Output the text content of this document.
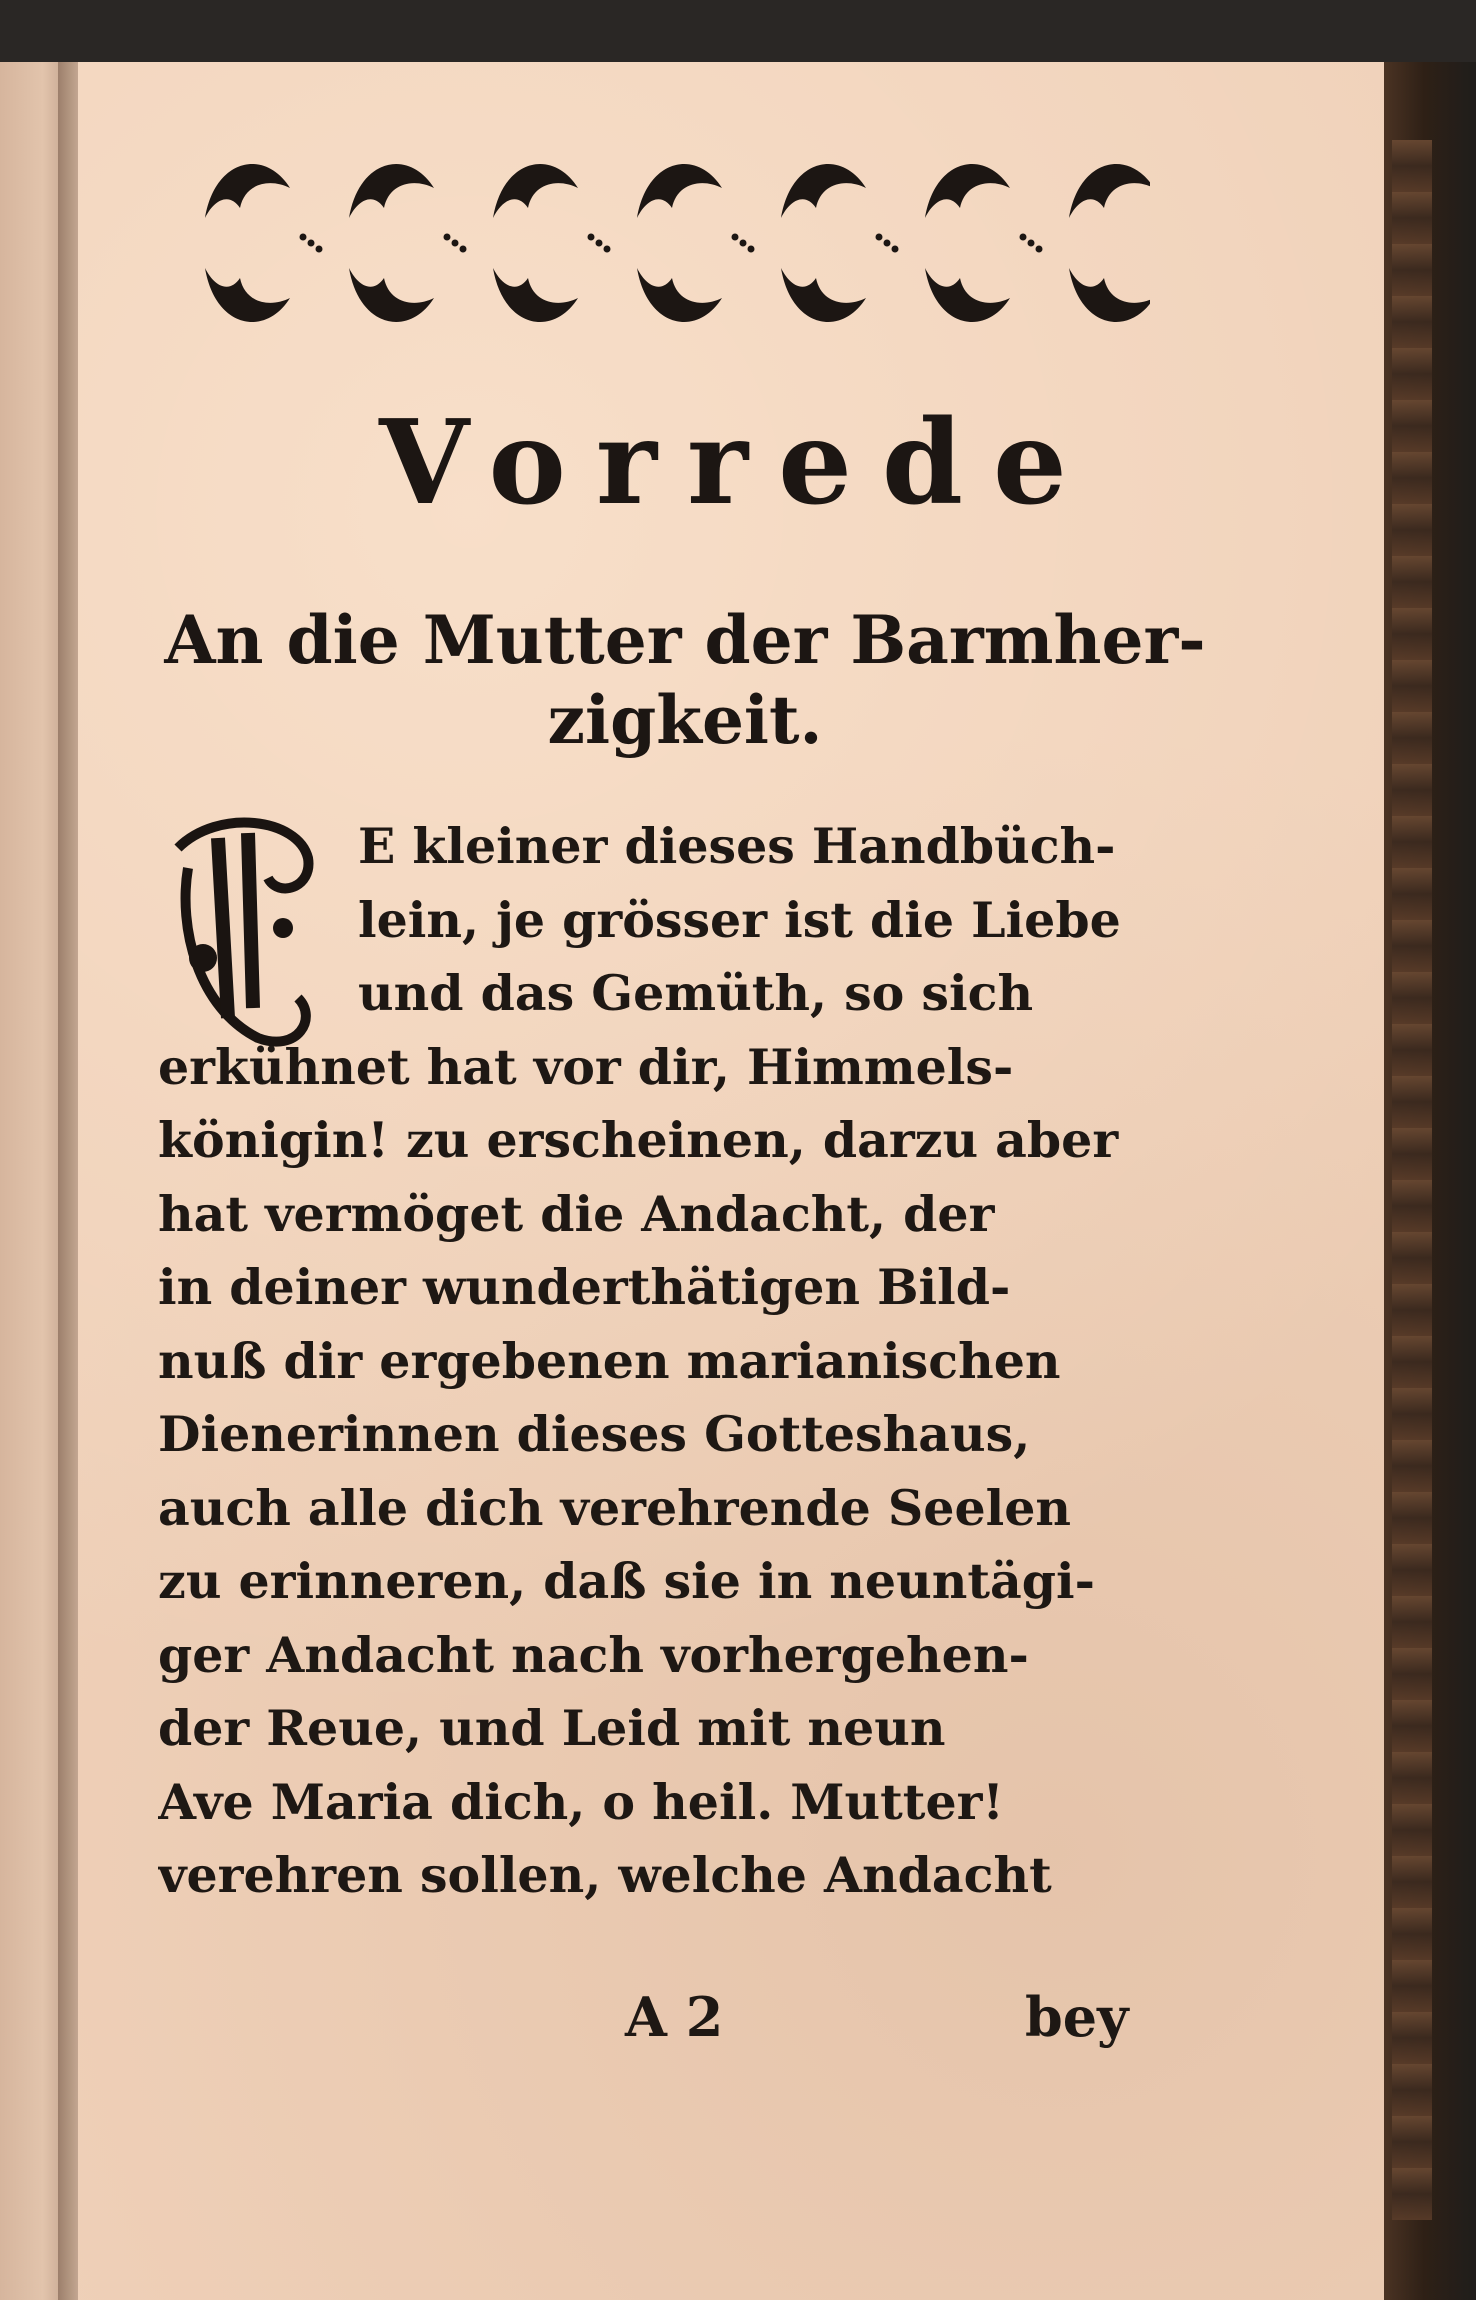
Vorrede
An die Mutter der Barmher-
zigkeit.
E kleiner dieses Handbüch-
lein, je grösser ist die Liebe
und das Gemüth, so sich
erkühnet hat vor dir, Himmels-
königin! zu erscheinen, darzu aber
hat vermöget die Andacht, der
in deiner wunderthätigen Bild-
nuß dir ergebenen marianischen
Dienerinnen dieses Gotteshaus,
auch alle dich verehrende Seelen
zu erinneren, daß sie in neuntägi-
ger Andacht nach vorhergehen-
der Reue, und Leid mit neun
Ave Maria dich, o heil. Mutter!
verehren sollen, welche Andacht
A 2	bey
